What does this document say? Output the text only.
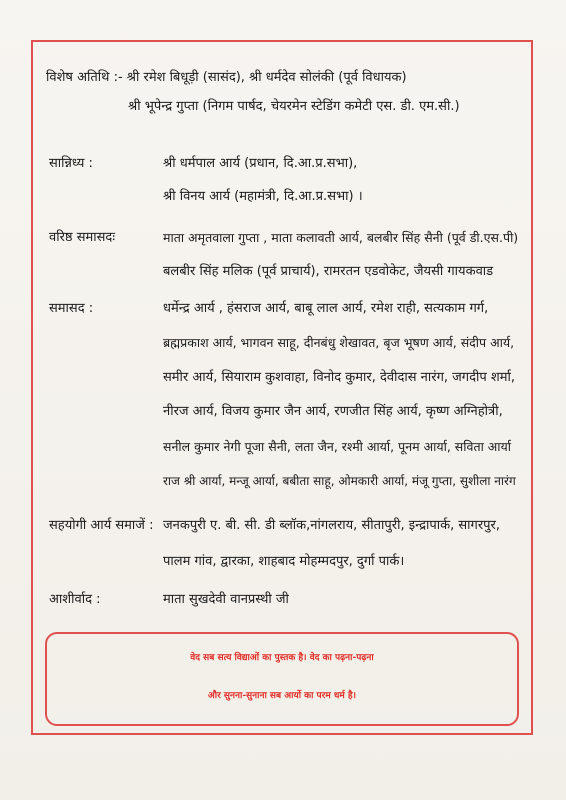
विशेष अतिथि :- श्री रमेश बिधूड़ी (सासंद), श्री धर्मदेव सोलंकी (पूर्व विधायक)
श्री भूपेन्द्र गुप्ता (निगम पार्षद, चेयरमेन स्टेडिंग कमेटी एस. डी. एम.सी.)
सान्निध्य :	श्री धर्मपाल आर्य (प्रधान, दि.आ.प्र.सभा),
श्री विनय आर्य (महामंत्री, दि.आ.प्र.सभा) ।
वरिष्ठ समासदः	माता अमृतवाला गुप्ता , माता कलावती आर्य, बलबीर सिंह सैनी (पूर्व डी.एस.पी)
बलबीर सिंह मलिक (पूर्व प्राचार्य), रामरतन एडवोकेट, जैयसी गायकवाड
समासद :	धर्मेन्द्र आर्य , हंसराज आर्य, बाबू लाल आर्य, रमेश राही, सत्यकाम गर्ग,
ब्रह्मप्रकाश आर्य, भागवन साहू, दीनबंधु शेखावत, बृज भूषण आर्य, संदीप आर्य,
समीर आर्य, सियाराम कुशवाहा, विनोद कुमार, देवीदास नारंग, जगदीप शर्मा,
नीरज आर्य, विजय कुमार जैन आर्य, रणजीत सिंह आर्य, कृष्ण अग्निहोत्री,
सनील कुमार नेगी पूजा सैनी, लता जैन, रश्मी आर्या, पूनम आर्या, सविता आर्या
राज श्री आर्या, मन्जू आर्या, बबीता साहू, ओमकारी आर्या, मंजू गुप्ता, सुशीला नारंग
सहयोगी आर्य समाजें : जनकपुरी ए. बी. सी. डी ब्लॉक,नांगलराय, सीतापुरी, इन्द्रापार्क, सागरपुर,
पालम गांव, द्वारका, शाहबाद मोहम्मदपुर, दुर्गा पार्क।
आशीर्वाद :	माता सुखदेवी वानप्रस्थी जी
वेद सब सत्य विद्याओं का पुस्तक है। वेद का पढ़ना-पढ़ना
और सुनना-सुनाना सब आर्यो का परम धर्म है।
